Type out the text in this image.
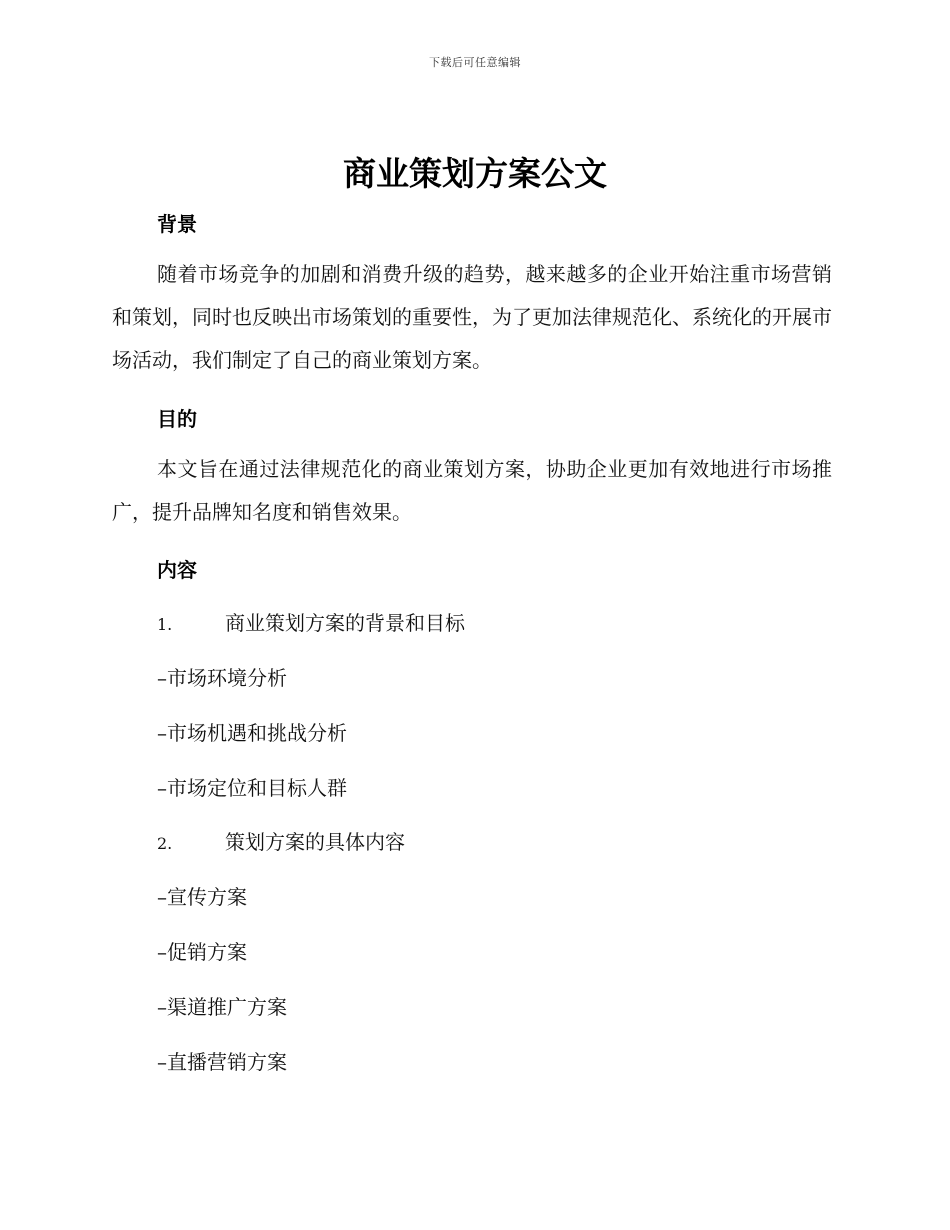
下载后可任意编辑
商业策划方案公文
背景

随着市场竞争的加剧和消费升级的趋势，越来越多的企业开始注重市场营销和策划，同时也反映出市场策划的重要性，为了更加法律规范化、系统化的开展市场活动，我们制定了自己的商业策划方案。

目的

本文旨在通过法律规范化的商业策划方案，协助企业更加有效地进行市场推广，提升品牌知名度和销售效果。

内容
1.	商业策划方案的背景和目标
–市场环境分析
–市场机遇和挑战分析
–市场定位和目标人群
2.	策划方案的具体内容
–宣传方案
–促销方案
–渠道推广方案
–直播营销方案
